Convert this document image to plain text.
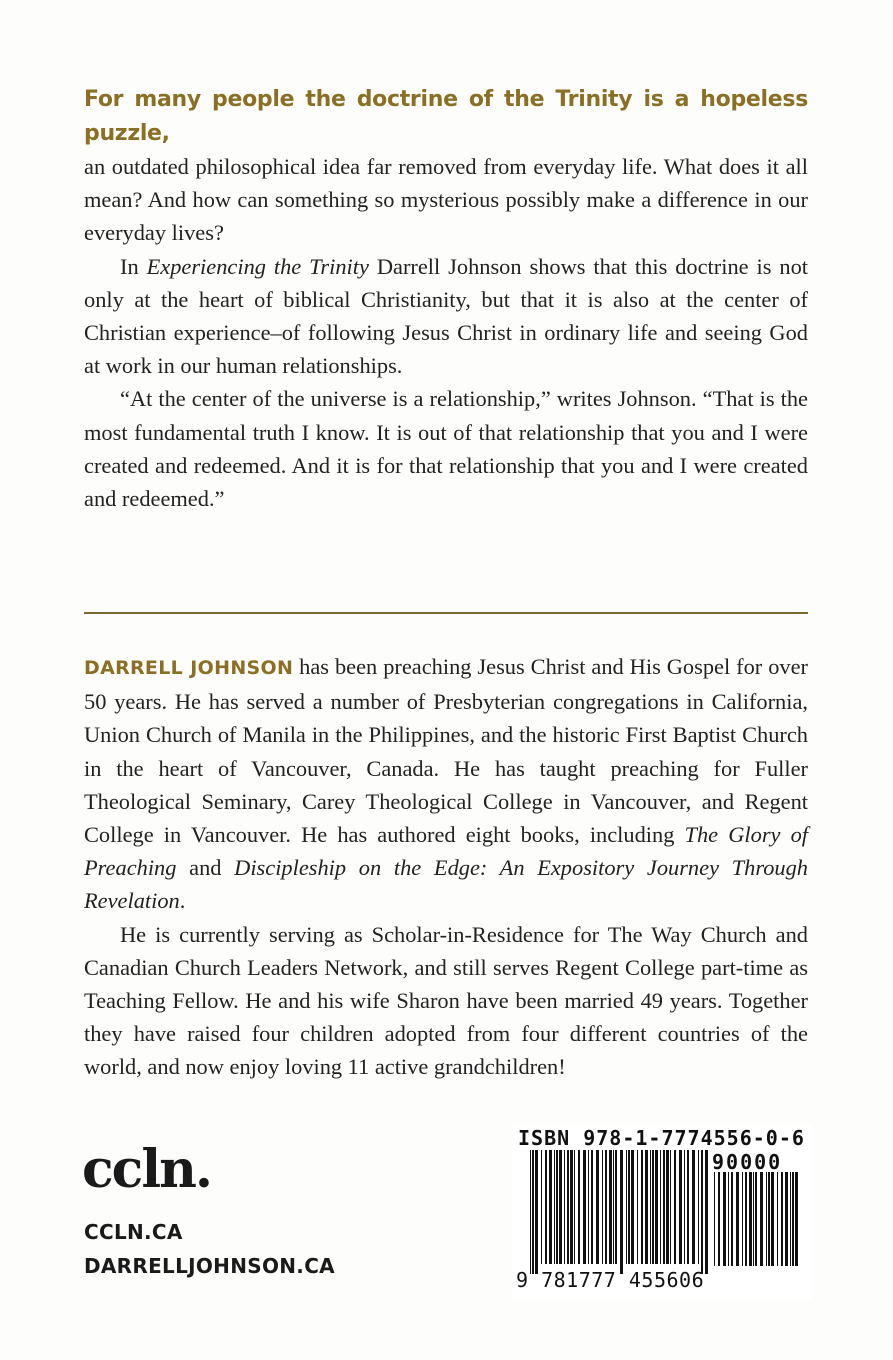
For many people the doctrine of the Trinity is a hopeless puzzle,
an outdated philosophical idea far removed from everyday life. What does it all mean? And how can something so mysterious possibly make a difference in our everyday lives?

In Experiencing the Trinity Darrell Johnson shows that this doctrine is not only at the heart of biblical Christianity, but that it is also at the center of Christian experience–of following Jesus Christ in ordinary life and seeing God at work in our human relationships.

“At the center of the universe is a relationship,” writes Johnson. “That is the most fundamental truth I know. It is out of that relationship that you and I were created and redeemed. And it is for that relationship that you and I were created and redeemed.”

DARRELL JOHNSON has been preaching Jesus Christ and His Gospel for over 50 years. He has served a number of Presbyterian congregations in California, Union Church of Manila in the Philippines, and the historic First Baptist Church in the heart of Vancouver, Canada. He has taught preaching for Fuller Theological Seminary, Carey Theological College in Vancouver, and Regent College in Vancouver. He has authored eight books, including The Glory of Preaching and Discipleship on the Edge: An Expository Journey Through Revelation.

He is currently serving as Scholar-in-Residence for The Way Church and Canadian Church Leaders Network, and still serves Regent College part-time as Teaching Fellow. He and his wife Sharon have been married 49 years. Together they have raised four children adopted from four different countries of the world, and now enjoy loving 11 active grandchildren!

ccln.
CCLN.CA
DARRELLJOHNSON.CA
ISBN 978-1-7774556-0-6
90000
9 781777 455606
